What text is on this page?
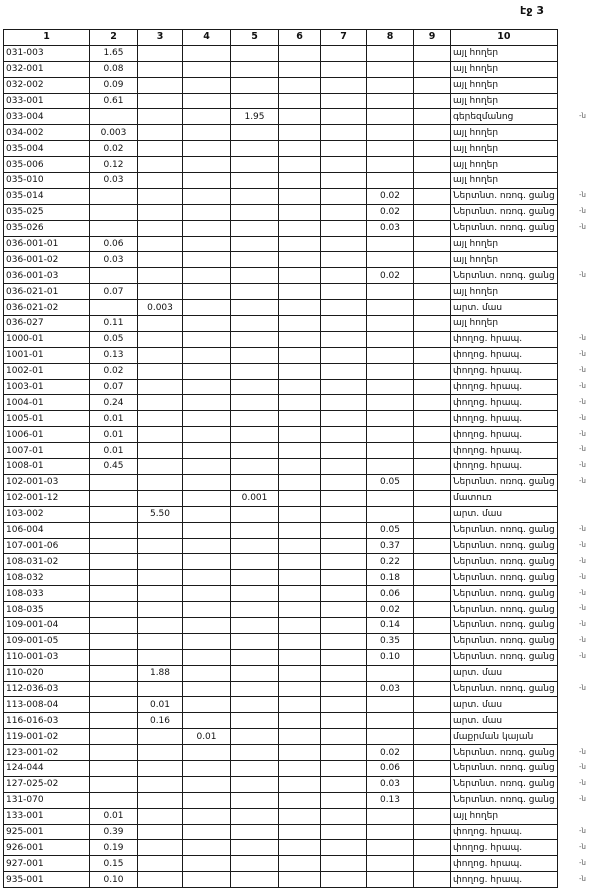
էջ 3
1	2	3	4	5	6	7	8	9	10
031-003	1.65								այլ հողեր
032-001	0.08								այլ հողեր
032-002	0.09								այլ հողեր
033-001	0.61								այլ հողեր
033-004				1.95					գերեզմանոց
034-002	0.003								այլ հողեր
035-004	0.02								այլ հողեր
035-006	0.12								այլ հողեր
035-010	0.03								այլ հողեր
035-014							0.02		Ներտնտ. ոռոգ. ցանց
035-025							0.02		Ներտնտ. ոռոգ. ցանց
035-026							0.03		Ներտնտ. ոռոգ. ցանց
036-001-01	0.06								այլ հողեր
036-001-02	0.03								այլ հողեր
036-001-03							0.02		Ներտնտ. ոռոգ. ցանց
036-021-01	0.07								այլ հողեր
036-021-02		0.003							արտ. մաս
036-027	0.11								այլ հողեր
1000-01	0.05								փողոց. հրապ.
1001-01	0.13								փողոց. հրապ.
1002-01	0.02								փողոց. հրապ.
1003-01	0.07								փողոց. հրապ.
1004-01	0.24								փողոց. հրապ.
1005-01	0.01								փողոց. հրապ.
1006-01	0.01								փողոց. հրապ.
1007-01	0.01								փողոց. հրապ.
1008-01	0.45								փողոց. հրապ.
102-001-03							0.05		Ներտնտ. ոռոգ. ցանց
102-001-12				0.001					մատուռ
103-002		5.50							արտ. մաս
106-004							0.05		Ներտնտ. ոռոգ. ցանց
107-001-06							0.37		Ներտնտ. ոռոգ. ցանց
108-031-02							0.22		Ներտնտ. ոռոգ. ցանց
108-032							0.18		Ներտնտ. ոռոգ. ցանց
108-033							0.06		Ներտնտ. ոռոգ. ցանց
108-035							0.02		Ներտնտ. ոռոգ. ցանց
109-001-04							0.14		Ներտնտ. ոռոգ. ցանց
109-001-05							0.35		Ներտնտ. ոռոգ. ցանց
110-001-03							0.10		Ներտնտ. ոռոգ. ցանց
110-020		1.88							արտ. մաս
112-036-03							0.03		Ներտնտ. ոռոգ. ցանց
113-008-04		0.01							արտ. մաս
116-016-03		0.16							արտ. մաս
119-001-02			0.01						մաքրման կայան
123-001-02							0.02		Ներտնտ. ոռոգ. ցանց
124-044							0.06		Ներտնտ. ոռոգ. ցանց
127-025-02							0.03		Ներտնտ. ոռոգ. ցանց
131-070							0.13		Ներտնտ. ոռոգ. ցանց
133-001	0.01								այլ հողեր
925-001	0.39								փողոց. հրապ.
926-001	0.19								փողոց. հրապ.
927-001	0.15								փողոց. հրապ.
935-001	0.10								փողոց. հրապ.
-ն
-ն
-ն
-ն
-ն
-ն
-ն
-ն
-ն
-ն
-ն
-ն
-ն
-ն
-ն
-ն
-ն
-ն
-ն
-ն
-ն
-ն
-ն
-ն
-ն
-ն
-ն
-ն
-ն
-ն
-ն
-ն
-ն
